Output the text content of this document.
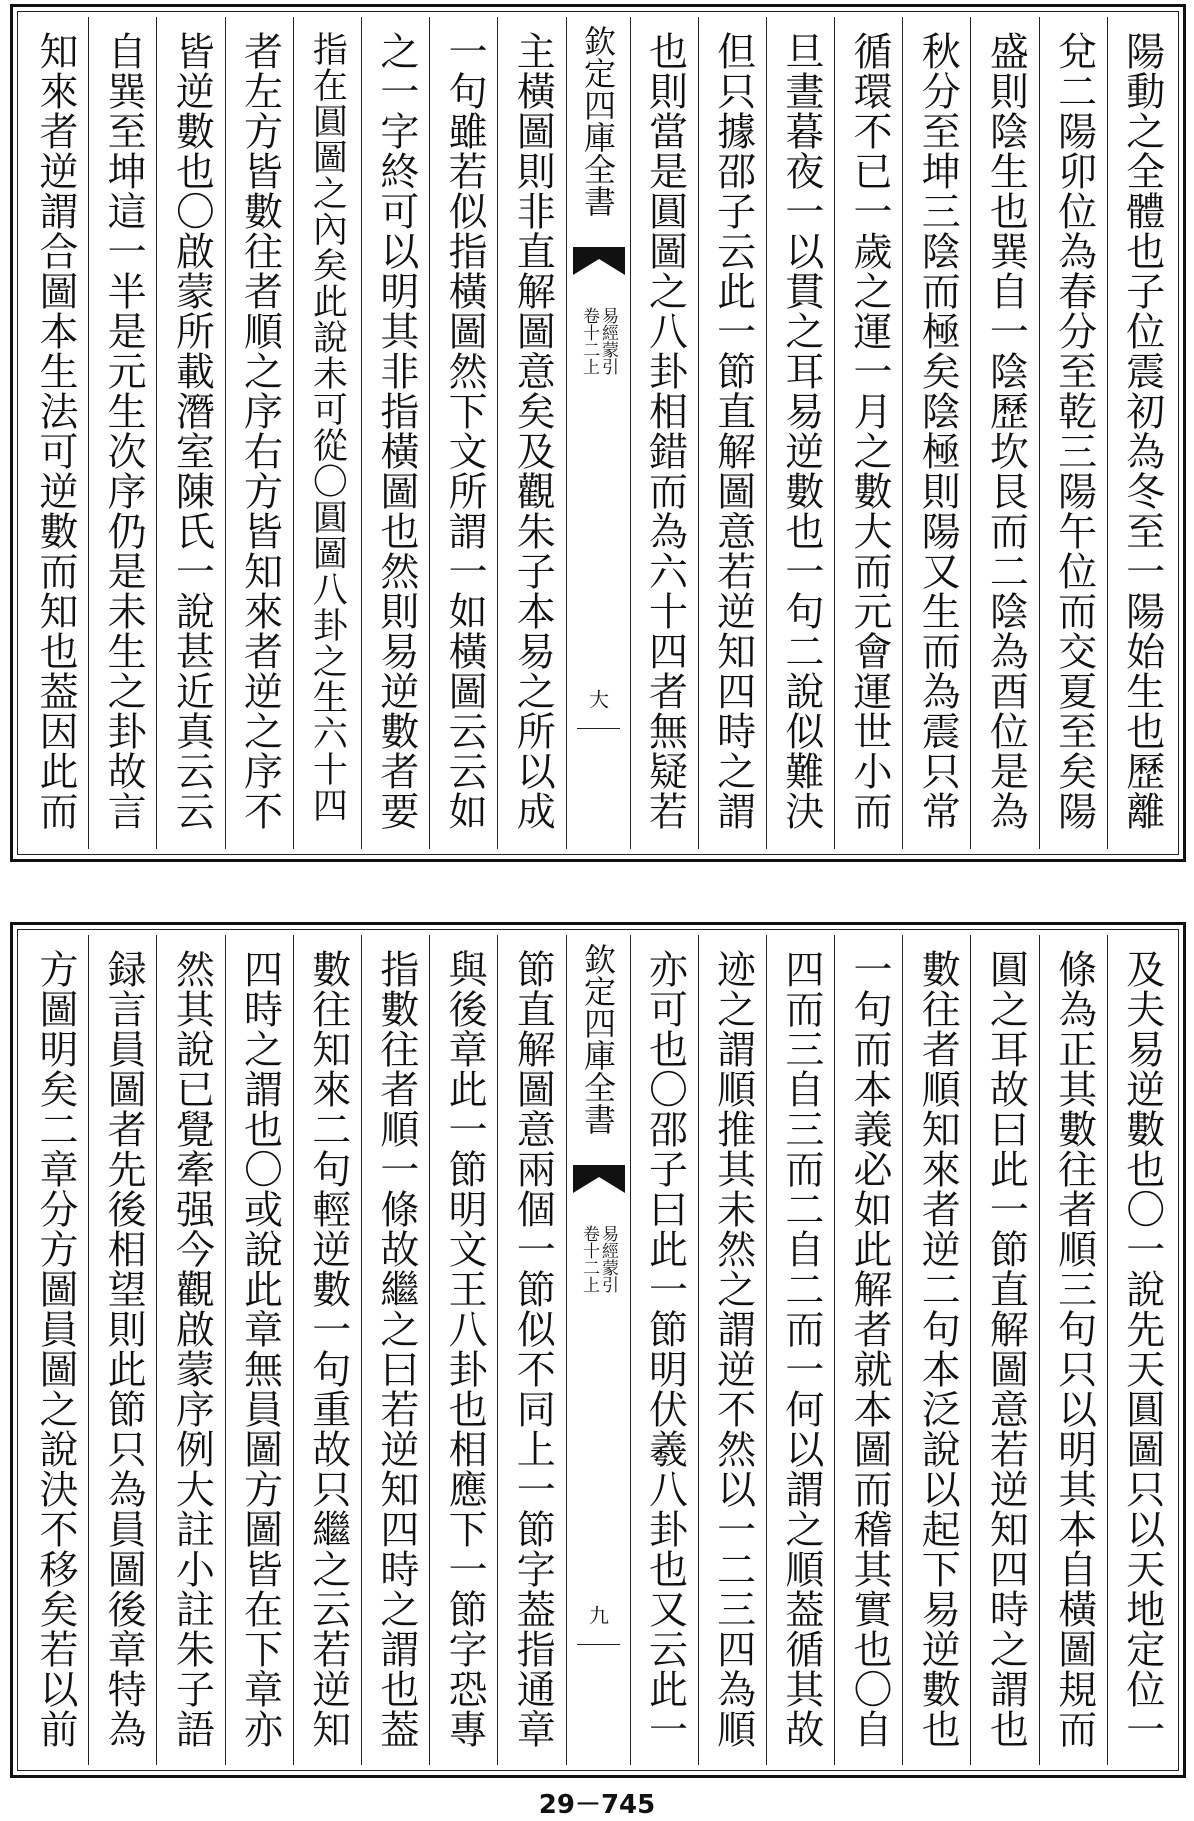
陽動之全體也子位震初為冬至一陽始生也歷離
兌二陽卯位為春分至乾三陽午位而交夏至矣陽
盛則陰生也巽自一陰歷坎艮而二陰為酉位是為
秋分至坤三陰而極矣陰極則陽又生而為震只常
循環不已一歲之運一月之數大而元會運世小而
旦晝暮夜一以貫之耳易逆數也一句二說似難決
但只據邵子云此一節直解圖意若逆知四時之謂
也則當是圓圖之八卦相錯而為六十四者無疑若
欽定四庫全書
卷十二上 易經蒙引
大
主橫圖則非直解圖意矣及觀朱子本易之所以成
一句雖若似指橫圖然下文所謂一如橫圖云云如
之一字終可以明其非指橫圖也然則易逆數者要
指在圓圖之內矣此說未可從〇圓圖八卦之生六十四
者左方皆數往者順之序右方皆知來者逆之序不
皆逆數也〇啟蒙所載潛室陳氏一說甚近真云云
自巽至坤這一半是元生次序仍是未生之卦故言
知來者逆謂合圖本生法可逆數而知也葢因此而
及夫易逆數也〇一說先天圓圖只以天地定位一
條為正其數往者順三句只以明其本自橫圖規而
圓之耳故曰此一節直解圖意若逆知四時之謂也
數往者順知來者逆二句本泛說以起下易逆數也
一句而本義必如此解者就本圖而稽其實也〇自
四而三自三而二自二而一何以謂之順葢循其故
迹之謂順推其未然之謂逆不然以一二三四為順
亦可也〇邵子曰此一節明伏羲八卦也又云此一
欽定四庫全書
卷十二上 易經蒙引
九
節直解圖意兩個一節似不同上一節字葢指通章
與後章此一節明文王八卦也相應下一節字恐專
指數往者順一條故繼之曰若逆知四時之謂也葢
數往知來二句輕逆數一句重故只繼之云若逆知
四時之謂也〇或說此章無員圖方圖皆在下章亦
然其說已覺牽强今觀啟蒙序例大註小註朱子語
録言員圖者先後相望則此節只為員圖後章特為
方圖明矣二章分方圖員圖之說決不移矣若以前
29－745
